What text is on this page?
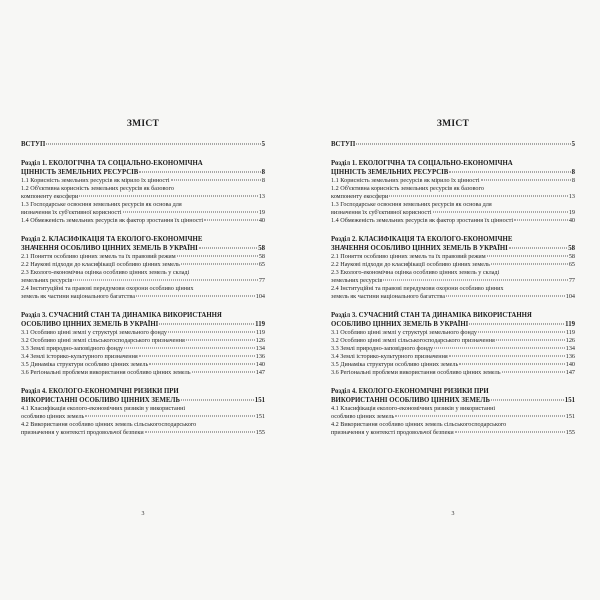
ЗМІСТ
ВСТУП	5
Розділ 1. ЕКОЛОГІЧНА ТА СОЦІАЛЬНО-ЕКОНОМІЧНА
ЦІННІСТЬ ЗЕМЕЛЬНИХ РЕСУРСІВ	8
1.1 Корисність земельних ресурсів як мірило їх цінності	8
1.2 Об'єктивна корисність земельних ресурсів як базового
компоненту екосфери	13
1.3 Господарське освоєння земельних ресурсів як основа для
визначення їх суб'єктивної корисності	19
1.4 Обмеженість земельних ресурсів як фактор зростання їх цінності	40
Розділ 2. КЛАСИФІКАЦІЯ ТА ЕКОЛОГО-ЕКОНОМІЧНЕ
ЗНАЧЕННЯ ОСОБЛИВО ЦІННИХ ЗЕМЕЛЬ В УКРАЇНІ	58
2.1 Поняття особливо цінних земель та їх правовий режим	58
2.2 Наукові підходи до класифікації особливо цінних земель	65
2.3 Еколого-економічна оцінка особливо цінних земель у складі
земельних ресурсів	77
2.4 Інституційні та правові передумови охорони особливо цінних
земель як частини національного багатства	104
Розділ 3. СУЧАСНИЙ СТАН ТА ДИНАМІКА ВИКОРИСТАННЯ
ОСОБЛИВО ЦІННИХ ЗЕМЕЛЬ В УКРАЇНІ	119
3.1 Особливо цінні землі у структурі земельного фонду	119
3.2 Особливо цінні землі сільськогосподарського призначення	126
3.3 Землі природно-заповідного фонду	134
3.4 Землі історико-культурного призначення	136
3.5 Динаміка структури особливо цінних земель	140
3.6 Регіональні проблеми використання особливо цінних земель	147
Розділ 4. ЕКОЛОГО-ЕКОНОМІЧНІ РИЗИКИ ПРИ
ВИКОРИСТАННІ ОСОБЛИВО ЦІННИХ ЗЕМЕЛЬ	151
4.1 Класифікація еколого-економічних ризиків у використанні
особливо цінних земель	151
4.2 Використання особливо цінних земель сільськогосподарського
призначення у контексті продовольчої безпеки	155
3
ЗМІСТ
ВСТУП	5
Розділ 1. ЕКОЛОГІЧНА ТА СОЦІАЛЬНО-ЕКОНОМІЧНА
ЦІННІСТЬ ЗЕМЕЛЬНИХ РЕСУРСІВ	8
1.1 Корисність земельних ресурсів як мірило їх цінності	8
1.2 Об'єктивна корисність земельних ресурсів як базового
компоненту екосфери	13
1.3 Господарське освоєння земельних ресурсів як основа для
визначення їх суб'єктивної корисності	19
1.4 Обмеженість земельних ресурсів як фактор зростання їх цінності	40
Розділ 2. КЛАСИФІКАЦІЯ ТА ЕКОЛОГО-ЕКОНОМІЧНЕ
ЗНАЧЕННЯ ОСОБЛИВО ЦІННИХ ЗЕМЕЛЬ В УКРАЇНІ	58
2.1 Поняття особливо цінних земель та їх правовий режим	58
2.2 Наукові підходи до класифікації особливо цінних земель	65
2.3 Еколого-економічна оцінка особливо цінних земель у складі
земельних ресурсів	77
2.4 Інституційні та правові передумови охорони особливо цінних
земель як частини національного багатства	104
Розділ 3. СУЧАСНИЙ СТАН ТА ДИНАМІКА ВИКОРИСТАННЯ
ОСОБЛИВО ЦІННИХ ЗЕМЕЛЬ В УКРАЇНІ	119
3.1 Особливо цінні землі у структурі земельного фонду	119
3.2 Особливо цінні землі сільськогосподарського призначення	126
3.3 Землі природно-заповідного фонду	134
3.4 Землі історико-культурного призначення	136
3.5 Динаміка структури особливо цінних земель	140
3.6 Регіональні проблеми використання особливо цінних земель	147
Розділ 4. ЕКОЛОГО-ЕКОНОМІЧНІ РИЗИКИ ПРИ
ВИКОРИСТАННІ ОСОБЛИВО ЦІННИХ ЗЕМЕЛЬ	151
4.1 Класифікація еколого-економічних ризиків у використанні
особливо цінних земель	151
4.2 Використання особливо цінних земель сільськогосподарського
призначення у контексті продовольчої безпеки	155
3
